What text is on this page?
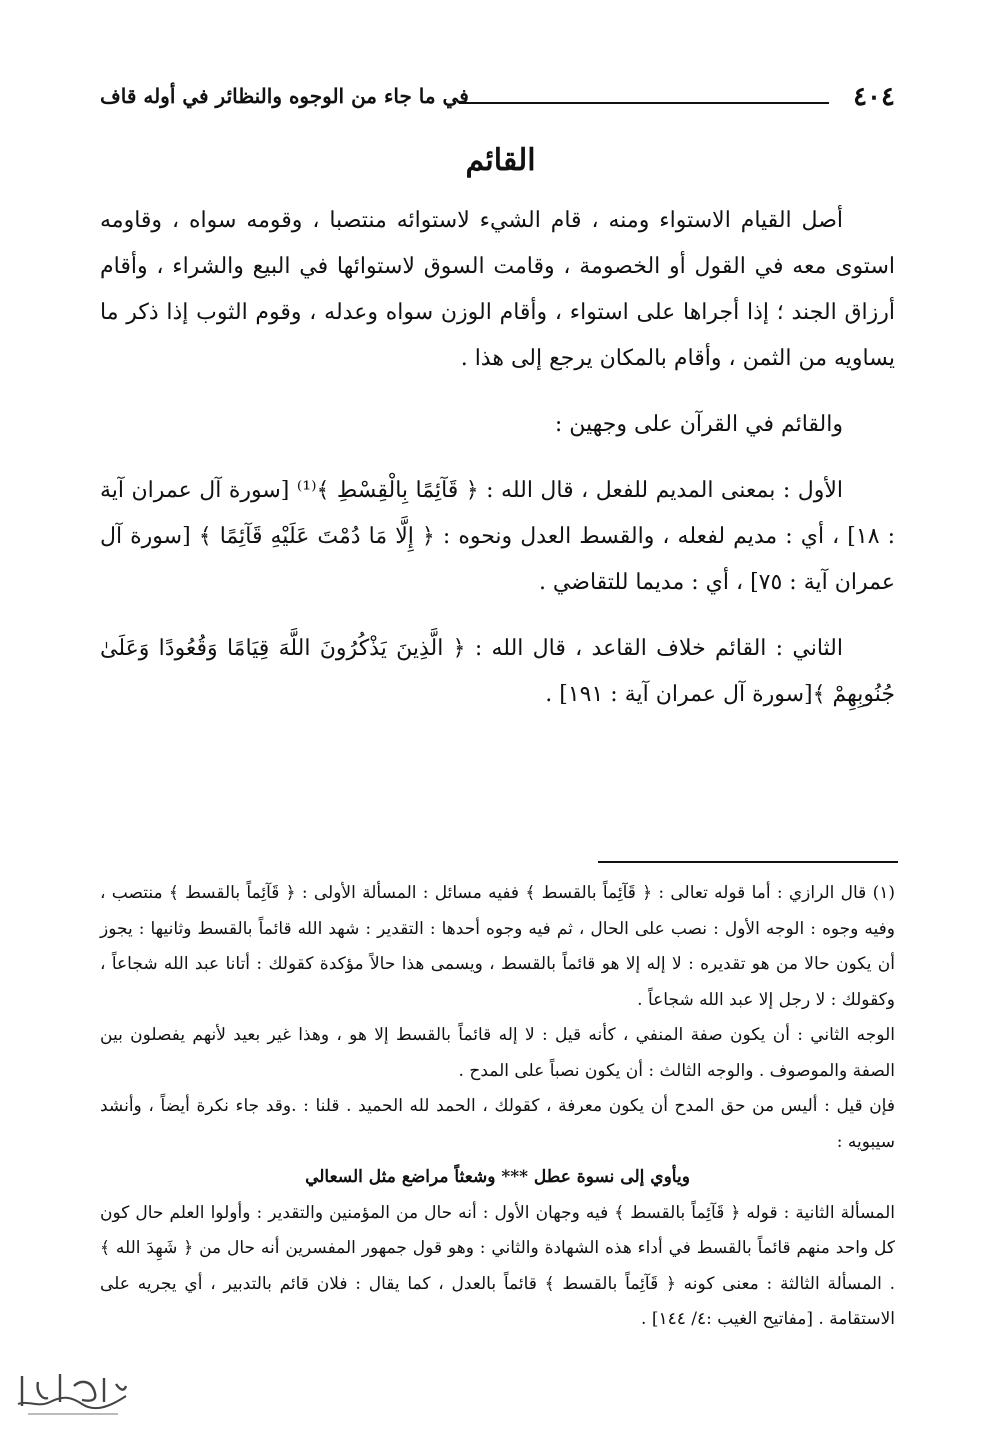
٤٠٤
في ما جاء من الوجوه والنظائر في أوله قاف
القائم

أصل القيام الاستواء ومنه ، قام الشيء لاستوائه منتصبا ، وقومه سواه ، وقاومه استوى معه في القول أو الخصومة ، وقامت السوق لاستوائها في البيع والشراء ، وأقام أرزاق الجند ؛ إذا أجراها على استواء ، وأقام الوزن سواه وعدله ، وقوم الثوب إذا ذكر ما يساويه من الثمن ، وأقام بالمكان يرجع إلى هذا .

والقائم في القرآن على وجهين :

الأول : بمعنى المديم للفعل ، قال الله : ﴿ قَآئِمًا بِالْقِسْطِ ﴾⁽¹⁾ [سورة آل عمران آية : ١٨] ، أي : مديم لفعله ، والقسط العدل ونحوه : ﴿ إِلَّا مَا دُمْتَ عَلَيْهِ قَآئِمًا ﴾ [سورة آل عمران آية : ٧٥] ، أي : مديما للتقاضي .

الثاني : القائم خلاف القاعد ، قال الله : ﴿ الَّذِينَ يَذْكُرُونَ اللَّهَ قِيَامًا وَقُعُودًا وَعَلَىٰ جُنُوبِهِمْ ﴾[سورة آل عمران آية : ١٩١] .

(١) قال الرازي : أما قوله تعالى : ﴿ قَآئِماً بالقسط ﴾ ففيه مسائل : المسألة الأولى : ﴿ قَآئِماً بالقسط ﴾ منتصب ، وفيه وجوه : الوجه الأول : نصب على الحال ، ثم فيه وجوه أحدها : التقدير : شهد الله قائماً بالقسط وثانيها : يجوز أن يكون حالا من هو تقديره : لا إله إلا هو قائماً بالقسط ، ويسمى هذا حالاً مؤكدة كقولك : أتانا عبد الله شجاعاً ، وكقولك : لا رجل إلا عبد الله شجاعاً .

الوجه الثاني : أن يكون صفة المنفي ، كأنه قيل : لا إله قائماً بالقسط إلا هو ، وهذا غير بعيد لأنهم يفصلون بين الصفة والموصوف . والوجه الثالث : أن يكون نصباً على المدح .

فإن قيل : أليس من حق المدح أن يكون معرفة ، كقولك ، الحمد لله الحميد . قلنا : .وقد جاء نكرة أيضاً ، وأنشد سيبويه :

ويأوي إلى نسوة عطل *** وشعثاً مراضع مثل السعالي

المسألة الثانية : قوله ﴿ قَآئِماً بالقسط ﴾ فيه وجهان الأول : أنه حال من المؤمنين والتقدير : وأولوا العلم حال كون كل واحد منهم قائماً بالقسط في أداء هذه الشهادة والثاني : وهو قول جمهور المفسرين أنه حال من ﴿ شَهِدَ الله ﴾ . المسألة الثالثة : معنى كونه ﴿ قَآئِماً بالقسط ﴾ قائماً بالعدل ، كما يقال : فلان قائم بالتدبير ، أي يجريه على الاستقامة . [مفاتيح الغيب :٤/ ١٤٤] .
